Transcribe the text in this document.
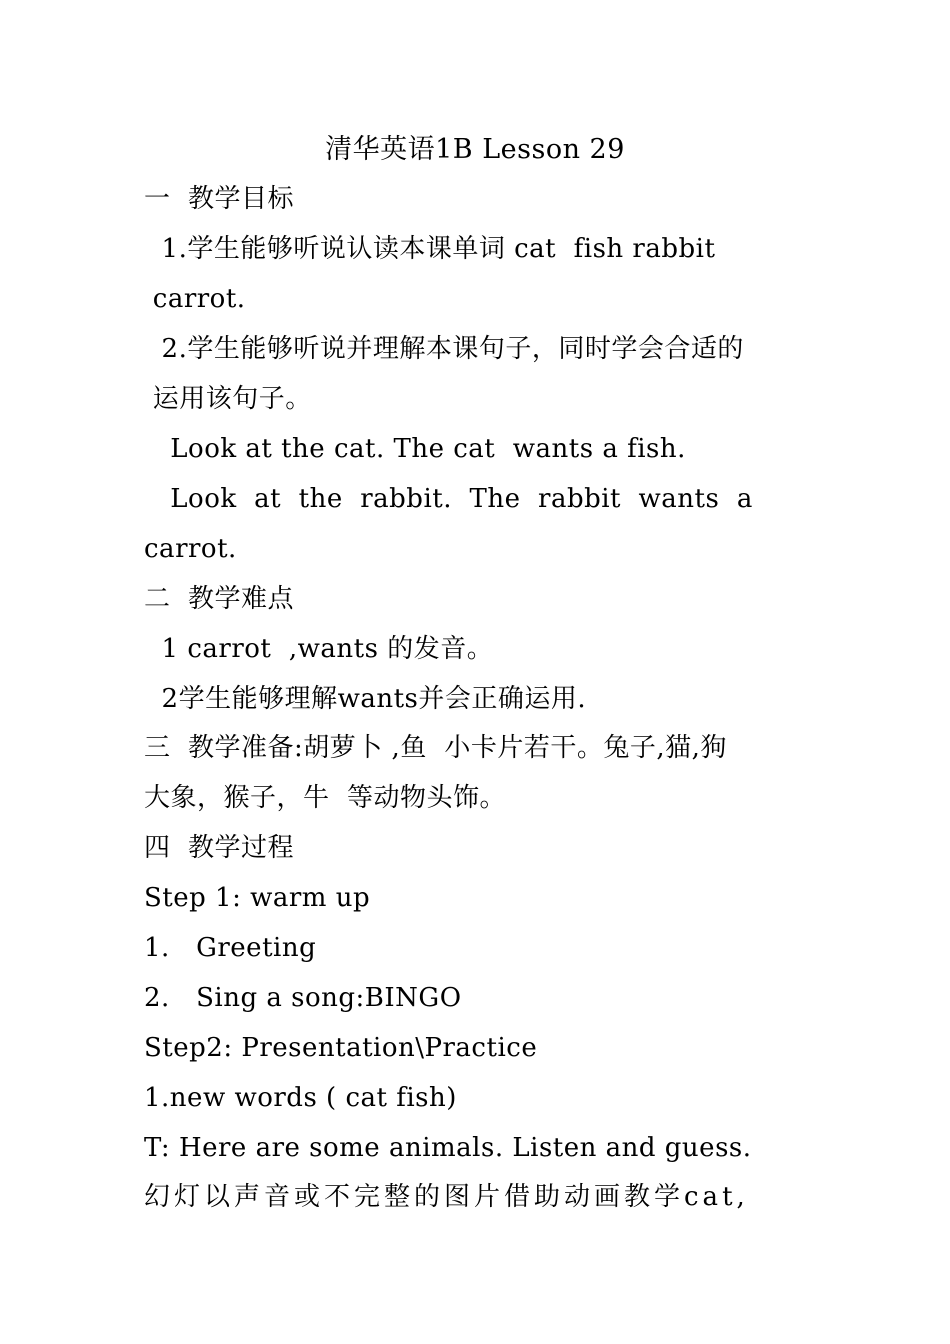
清华英语1B Lesson 29
一  教学目标
1.学生能够听说认读本课单词 cat  fish rabbit
carrot.
2.学生能够听说并理解本课句子，同时学会合适的
运用该句子。
Look at the cat. The cat  wants a fish.
Look  at  the  rabbit.  The  rabbit  wants  a
carrot.
二  教学难点
1 carrot  ,wants 的发音。
2学生能够理解wants并会正确运用.
三  教学准备:胡萝卜 ,鱼  小卡片若干。兔子,猫,狗
大象，猴子，牛  等动物头饰。
四  教学过程
Step 1: warm up
1.   Greeting
2.   Sing a song:BINGO
Step2: Presentation\Practice
1.new words ( cat fish)
T: Here are some animals. Listen and guess.
幻灯以声音或不完整的图片借助动画教学cat,
